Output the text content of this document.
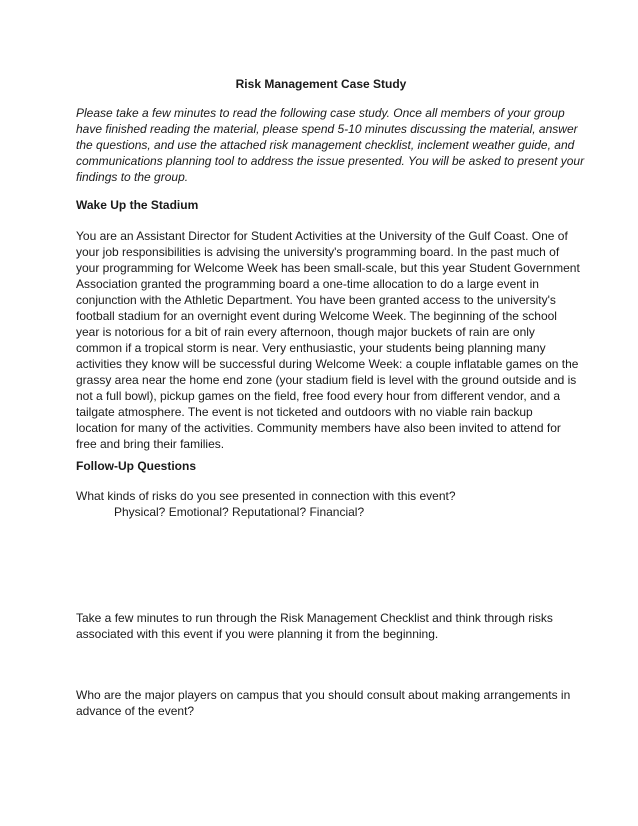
Risk Management Case Study

Please take a few minutes to read the following case study. Once all members of your group
have finished reading the material, please spend 5-10 minutes discussing the material, answer
the questions, and use the attached risk management checklist, inclement weather guide, and
communications planning tool to address the issue presented. You will be asked to present your
findings to the group.

Wake Up the Stadium

You are an Assistant Director for Student Activities at the University of the Gulf Coast. One of
your job responsibilities is advising the university's programming board. In the past much of
your programming for Welcome Week has been small-scale, but this year Student Government
Association granted the programming board a one-time allocation to do a large event in
conjunction with the Athletic Department. You have been granted access to the university's
football stadium for an overnight event during Welcome Week. The beginning of the school
year is notorious for a bit of rain every afternoon, though major buckets of rain are only
common if a tropical storm is near. Very enthusiastic, your students being planning many
activities they know will be successful during Welcome Week: a couple inflatable games on the
grassy area near the home end zone (your stadium field is level with the ground outside and is
not a full bowl), pickup games on the field, free food every hour from different vendor, and a
tailgate atmosphere. The event is not ticketed and outdoors with no viable rain backup
location for many of the activities. Community members have also been invited to attend for
free and bring their families.

Follow-Up Questions

What kinds of risks do you see presented in connection with this event?

Physical? Emotional? Reputational? Financial?

Take a few minutes to run through the Risk Management Checklist and think through risks
associated with this event if you were planning it from the beginning.

Who are the major players on campus that you should consult about making arrangements in
advance of the event?
